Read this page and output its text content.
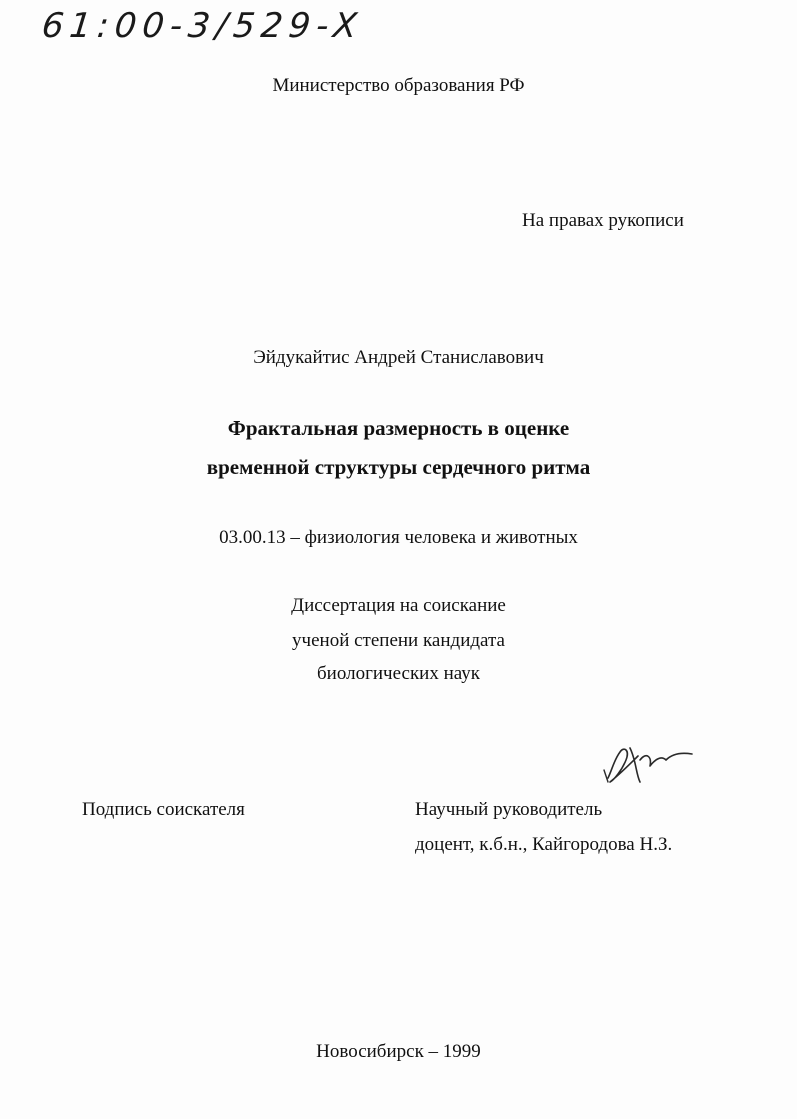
61:00-3/529-X
Министерство образования РФ
На правах рукописи
Эйдукайтис Андрей Станиславович
Фрактальная размерность в оценке
временной структуры сердечного ритма
03.00.13 – физиология человека и животных
Диссертация на соискание
ученой степени кандидата
биологических наук
Подпись соискателя	Научный руководитель
доцент, к.б.н., Кайгородова Н.З.
Новосибирск – 1999
